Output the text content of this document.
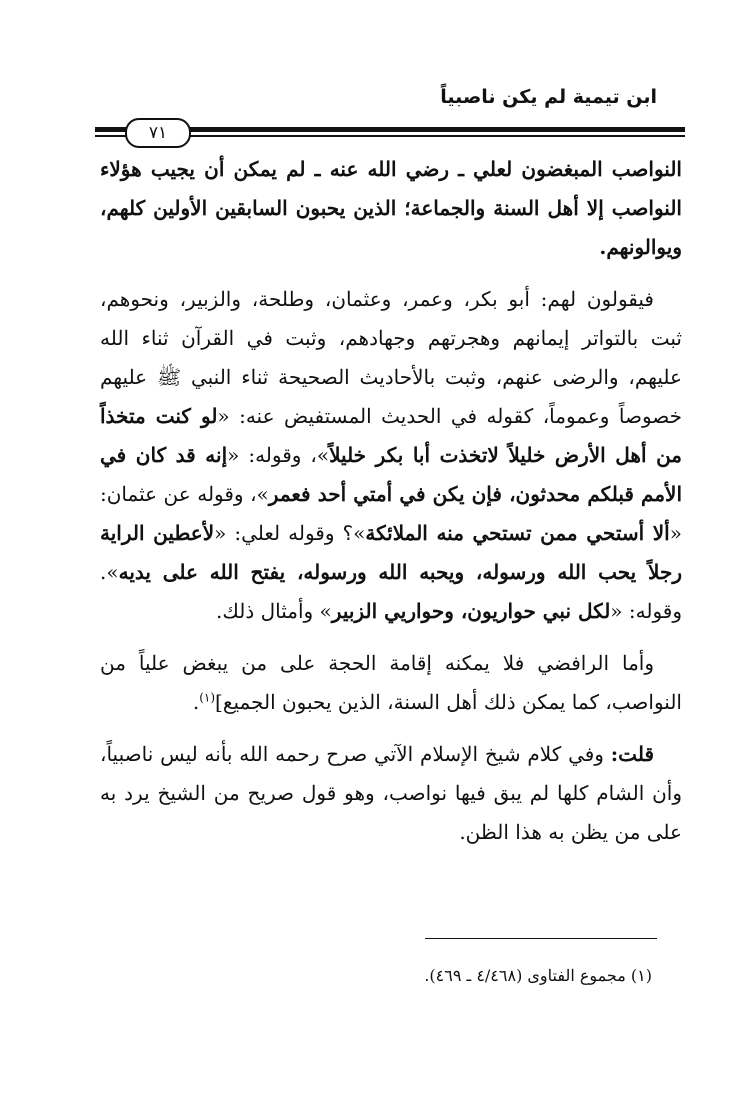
ابن تيمية لم يكن ناصبياً
٧١

النواصب المبغضون لعلي ـ رضي الله عنه ـ لم يمكن أن يجيب هؤلاء النواصب إلا أهل السنة والجماعة؛ الذين يحبون السابقين الأولين كلهم، ويوالونهم.

فيقولون لهم: أبو بكر، وعمر، وعثمان، وطلحة، والزبير، ونحوهم، ثبت بالتواتر إيمانهم وهجرتهم وجهادهم، وثبت في القرآن ثناء الله عليهم، والرضى عنهم، وثبت بالأحاديث الصحيحة ثناء النبي ﷺ عليهم خصوصاً وعموماً، كقوله في الحديث المستفيض عنه: «لو كنت متخذاً من أهل الأرض خليلاً لاتخذت أبا بكر خليلاً»، وقوله: «إنه قد كان في الأمم قبلكم محدثون، فإن يكن في أمتي أحد فعمر»، وقوله عن عثمان: «ألا أستحي ممن تستحي منه الملائكة»؟ وقوله لعلي: «لأعطين الراية رجلاً يحب الله ورسوله، ويحبه الله ورسوله، يفتح الله على يديه». وقوله: «لكل نبي حواريون، وحواريي الزبير» وأمثال ذلك.

وأما الرافضي فلا يمكنه إقامة الحجة على من يبغض علياً من النواصب، كما يمكن ذلك أهل السنة، الذين يحبون الجميع]$^{(١)}$.

قلت: وفي كلام شيخ الإسلام الآتي صرح رحمه الله بأنه ليس ناصبياً، وأن الشام كلها لم يبق فيها نواصب، وهو قول صريح من الشيخ يرد به على من يظن به هذا الظن.

(١) مجموع الفتاوى (٤/٤٦٨ ـ ٤٦٩).
